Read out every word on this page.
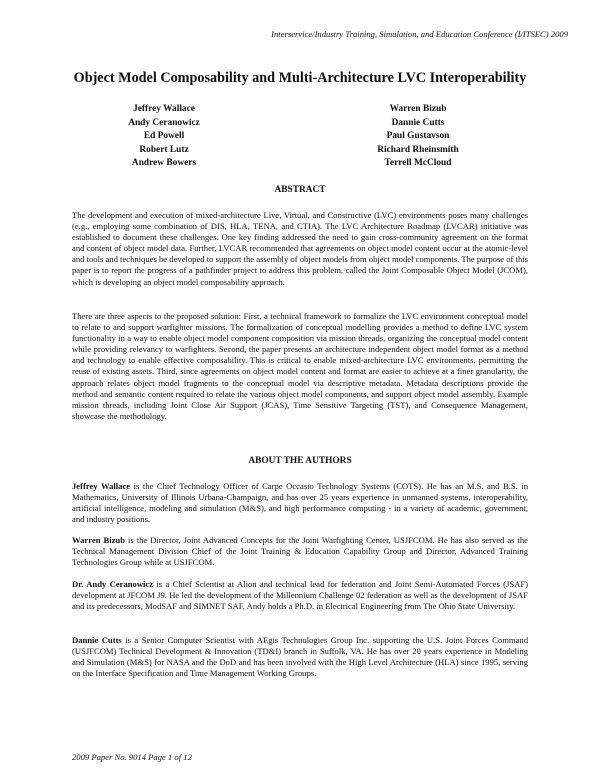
Interservice/Industry Training, Simulation, and Education Conference (I/ITSEC) 2009
Object Model Composability and Multi-Architecture LVC Interoperability
Jeffrey Wallace
Andy Ceranowicz
Ed Powell
Robert Lutz
Andrew Bowers
Warren Bizub
Dannie Cutts
Paul Gustavson
Richard Rheinsmith
Terrell McCloud
ABSTRACT

The development and execution of mixed-architecture Live, Virtual, and Constructive (LVC) environments poses many challenges (e.g., employing some combination of DIS, HLA, TENA, and CTIA). The LVC Architecture Roadmap (LVCAR) initiative was established to document these challenges. One key finding addressed the need to gain cross-community agreement on the format and content of object model data. Further, LVCAR recommended that agreements on object model content occur at the atomic-level and tools and techniques be developed to support the assembly of object models from object model components. The purpose of this paper is to report the progress of a pathfinder project to address this problem, called the Joint Composable Object Model (JCOM), which is developing an object model composability approach.

There are three aspects to the proposed solution: First, a technical framework to formalize the LVC environment conceptual model to relate to and support warfighter missions. The formalization of conceptual modelling provides a method to define LVC system functionality in a way to enable object model component composition via mission threads, organizing the conceptual model content while providing relevancy to warfighters. Second, the paper presents an architecture independent object model format as a method and technology to enable effective composability. This is critical to enable mixed-architecture LVC environments, permitting the reuse of existing assets. Third, since agreements on object model content and format are easier to achieve at a finer granularity, the approach relates object model fragments to the conceptual model via descriptive metadata. Metadata descriptions provide the method and semantic content required to relate the various object model components, and support object model assembly. Example mission threads, including Joint Close Air Support (JCAS), Time Sensitive Targeting (TST), and Consequence Management, showcase the methodology.

ABOUT THE AUTHORS

Jeffrey Wallace is the Chief Technology Officer of Carpe Occasio Technology Systems (COTS). He has an M.S. and B.S. in Mathematics, University of Illinois Urbana-Champaign, and has over 25 years experience in unmanned systems, interoperability, artificial intelligence, modeling and simulation (M&S), and high performance computing - in a variety of academic, government, and industry positions.

Warren Bizub is the Director, Joint Advanced Concepts for the Joint Warfighting Center, USJFCOM. He has also served as the Technical Management Division Chief of the Joint Training & Education Capability Group and Director, Advanced Training Technologies Group while at USJFCOM.

Dr. Andy Ceranowicz is a Chief Scientist at Alion and technical lead for federation and Joint Semi-Automated Forces (JSAF) development at JFCOM J9. He led the development of the Millennium Challenge 02 federation as well as the development of JSAF and its predecessors, ModSAF and SIMNET SAF. Andy holds a Ph.D. in Electrical Engineering from The Ohio State University.

Dannie Cutts is a Senior Computer Scientist with AEgis Technologies Group Inc. supporting the U.S. Joint Forces Command (USJFCOM) Technical Development & Innovation (TD&I) branch in Suffolk, VA. He has over 20 years experience in Modeling and Simulation (M&S) for NASA and the DoD and has been involved with the High Level Architecture (HLA) since 1995, serving on the Interface Specification and Time Management Working Groups.

2009 Paper No. 9014 Page 1 of 12
